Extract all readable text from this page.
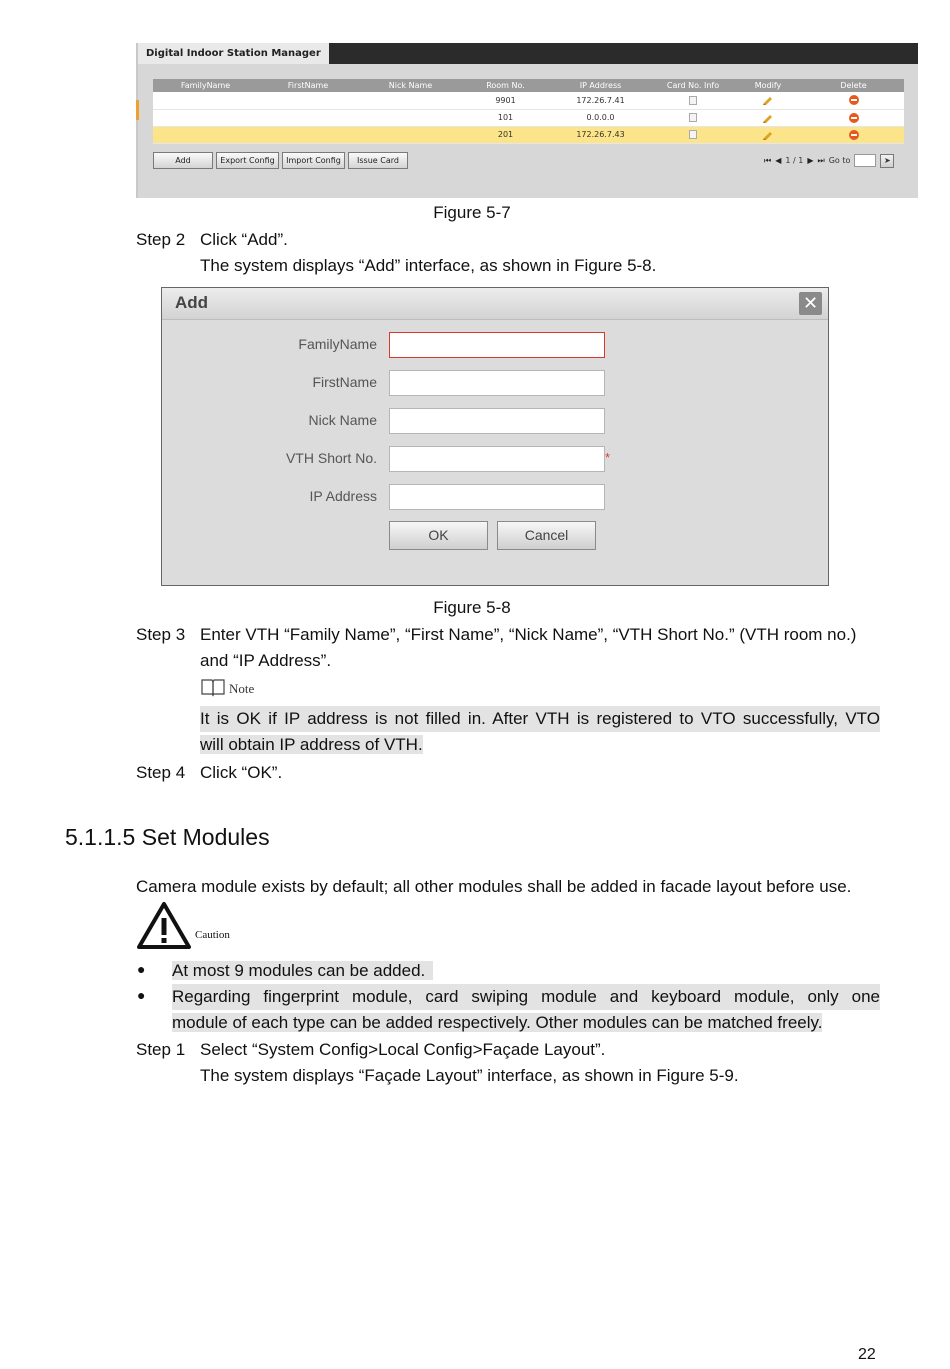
Digital Indoor Station Manager
FamilyName	FirstName	Nick Name	Room No.	IP Address	Card No. Info	Modify	Delete
			9901	172.26.7.41			
			101	0.0.0.0			
			201	172.26.7.43			
Add	Export Config	Import Config	Issue Card	⏮ ◀ 1 / 1 ▶ ⏭ Go to	➤
Figure 5-7
Step 2 Click “Add”.
The system displays “Add” interface, as shown in Figure 5-8.
Add	✕
FamilyName
FirstName
Nick Name
VTH Short No.	*
IP Address
OK	Cancel
Figure 5-8
Step 3 Enter VTH “Family Name”, “First Name”, “Nick Name”, “VTH Short No.” (VTH room no.)
and “IP Address”.
Note
It is OK if IP address is not filled in. After VTH is registered to VTO successfully, VTO
will obtain IP address of VTH.
Step 4 Click “OK”.
5.1.1.5 Set Modules
Camera module exists by default; all other modules shall be added in facade layout before use.
Caution
● At most 9 modules can be added.
● Regarding fingerprint module, card swiping module and keyboard module, only one
module of each type can be added respectively. Other modules can be matched freely.
Step 1 Select “System Config>Local Config>Façade Layout”.
The system displays “Façade Layout” interface, as shown in Figure 5-9.
22
